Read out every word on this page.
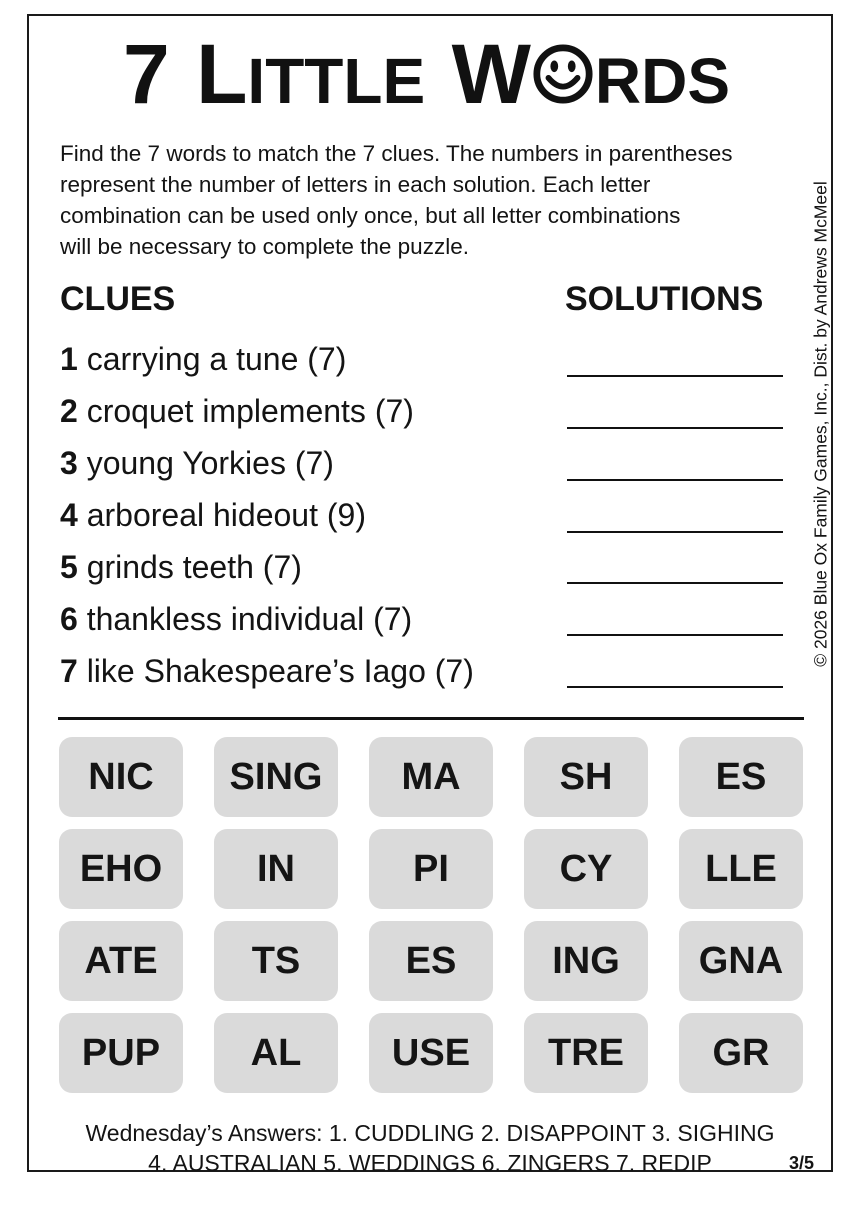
7 LITTLE W RDS
Find the 7 words to match the 7 clues. The numbers in parentheses
represent the number of letters in each solution. Each letter
combination can be used only once, but all letter combinations
will be necessary to complete the puzzle.
CLUES	SOLUTIONS
1 carrying a tune (7)
2 croquet implements (7)
3 young Yorkies (7)
4 arboreal hideout (9)
5 grinds teeth (7)
6 thankless individual (7)
7 like Shakespeare’s Iago (7)
NIC	SING	MA	SH	ES
EHO	IN	PI	CY	LLE
ATE	TS	ES	ING	GNA
PUP	AL	USE	TRE	GR
Wednesday’s Answers: 1. CUDDLING 2. DISAPPOINT 3. SIGHING
4. AUSTRALIAN 5. WEDDINGS 6. ZINGERS 7. REDIP	3/5
© 2026 Blue Ox Family Games, Inc., Dist. by Andrews McMeel
